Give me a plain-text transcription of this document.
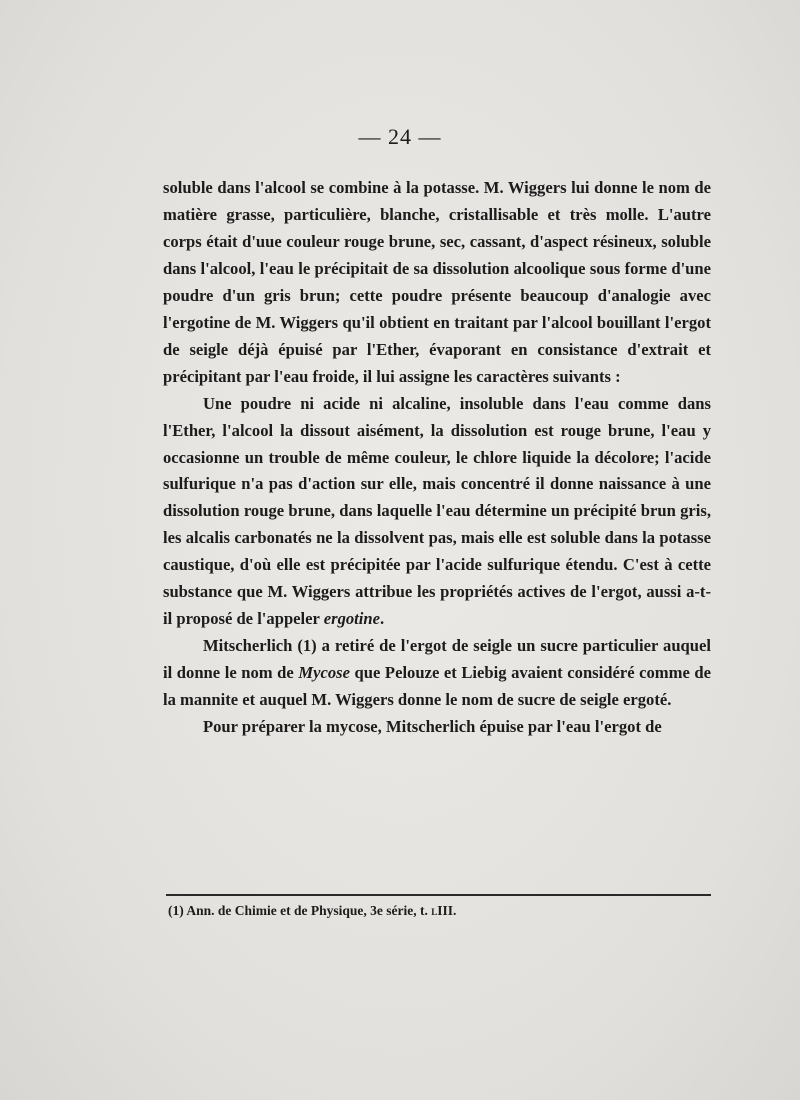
— 24 —

soluble dans l'alcool se combine à la potasse. M. Wiggers lui donne le nom de matière grasse, particulière, blanche, cristallisable et très molle. L'autre corps était d'uue couleur rouge brune, sec, cassant, d'aspect résineux, soluble dans l'alcool, l'eau le précipitait de sa dissolution alcoolique sous forme d'une poudre d'un gris brun; cette poudre présente beaucoup d'analogie avec l'ergotine de M. Wiggers qu'il obtient en traitant par l'alcool bouillant l'ergot de seigle déjà épuisé par l'Ether, évaporant en consistance d'extrait et précipitant par l'eau froide, il lui assigne les caractères suivants :

Une poudre ni acide ni alcaline, insoluble dans l'eau comme dans l'Ether, l'alcool la dissout aisément, la dissolution est rouge brune, l'eau y occasionne un trouble de même couleur, le chlore liquide la décolore; l'acide sulfurique n'a pas d'action sur elle, mais concentré il donne naissance à une dissolution rouge brune, dans laquelle l'eau détermine un précipité brun gris, les alcalis carbonatés ne la dissolvent pas, mais elle est soluble dans la potasse caustique, d'où elle est précipitée par l'acide sulfurique étendu. C'est à cette substance que M. Wiggers attribue les propriétés actives de l'ergot, aussi a-t-il proposé de l'appeler ergotine.

Mitscherlich (1) a retiré de l'ergot de seigle un sucre particulier auquel il donne le nom de Mycose que Pelouze et Liebig avaient considéré comme de la mannite et auquel M. Wiggers donne le nom de sucre de seigle ergoté.

Pour préparer la mycose, Mitscherlich épuise par l'eau l'ergot de

(1) Ann. de Chimie et de Physique, 3e série, t. lIII.
